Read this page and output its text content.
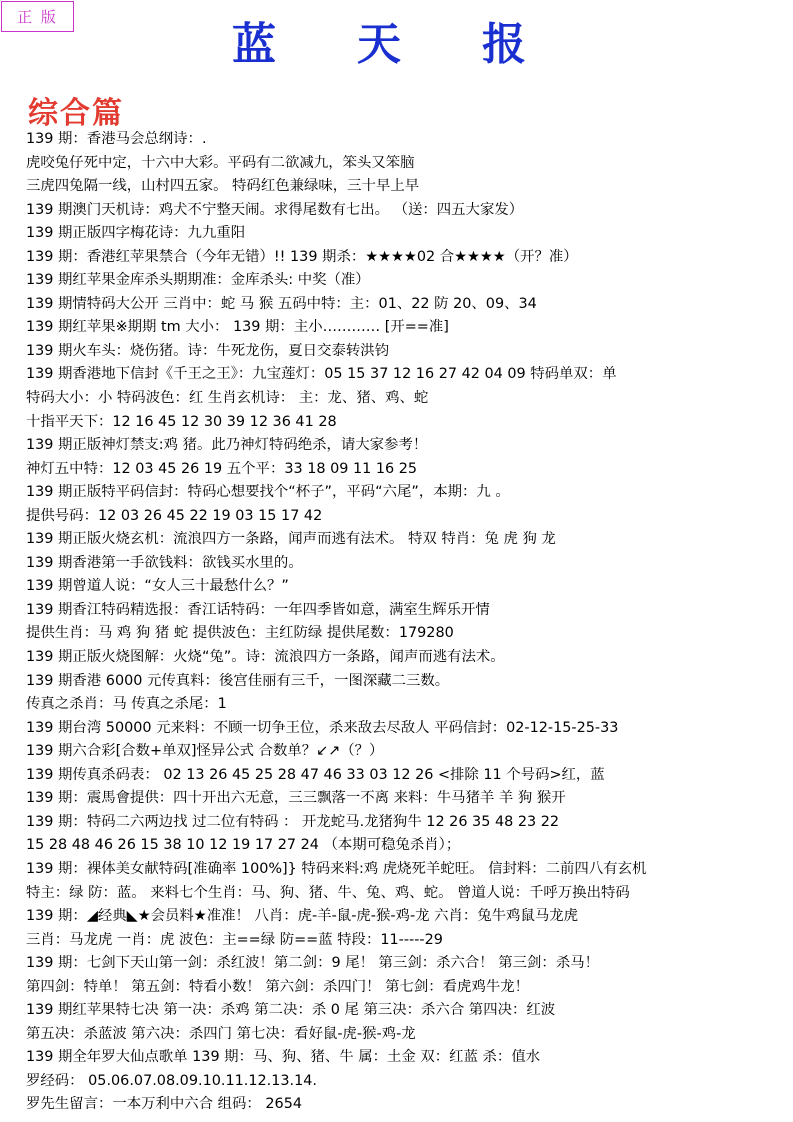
正 版
蓝 天 报
综合篇
139 期：香港马会总纲诗：.
虎咬兔仔死中定，十六中大彩。平码有二欲减九，笨头又笨脑
三虎四兔隔一线，山村四五家。 特码红色兼绿味，三十早上早
139 期澳门天机诗：鸡犬不宁整天闹。求得尾数有七出。 （送：四五大家发）
139 期正版四字梅花诗：九九重阳
139 期：香港红苹果禁合（今年无错）!! 139 期杀：★★★★02 合★★★★（开？准）
139 期红苹果金库杀头期期准：金库杀头: 中奖（准）
139 期情特码大公开 三肖中：蛇 马 猴 五码中特：主：01、22 防 20、09、34
139 期红苹果※期期 tm 大小： 139 期：主小………… [开==准]
139 期火车头：烧伤猪。诗：牛死龙伤，夏日交泰转洪钧
139 期香港地下信封《千王之王》：九宝莲灯：05 15 37 12 16 27 42 04 09 特码单双：单
特码大小：小 特码波色：红 生肖玄机诗： 主：龙、猪、鸡、蛇
十指平天下：12 16 45 12 30 39 12 36 41 28
139 期正版神灯禁支:鸡 猪。此乃神灯特码绝杀，请大家参考！
神灯五中特：12 03 45 26 19 五个平：33 18 09 11 16 25
139 期正版特平码信封：特码心想要找个“杯子”，平码“六尾”，本期：九 。
提供号码：12 03 26 45 22 19 03 15 17 42
139 期正版火烧玄机：流浪四方一条路，闻声而逃有法术。 特双 特肖：兔 虎 狗 龙
139 期香港第一手欲钱料：欲钱买水里的。
139 期曾道人说：“女人三十最愁什么？”
139 期香江特码精选报：香江话特码：一年四季皆如意，满室生辉乐开情
提供生肖：马 鸡 狗 猪 蛇 提供波色：主红防绿 提供尾数：179280
139 期正版火烧图解：火烧“兔”。诗：流浪四方一条路，闻声而逃有法术。
139 期香港 6000 元传真料：後宫佳丽有三千，一图深藏二三数。
传真之杀肖：马 传真之杀尾：1
139 期台湾 50000 元来料：不顾一切争王位，杀来敌去尽敌人 平码信封：02-12-15-25-33
139 期六合彩[合数+单双]怪异公式 合数单？↙↗（？）
139 期传真杀码表： 02 13 26 45 25 28 47 46 33 03 12 26 <排除 11 个号码>红，蓝
139 期：震馬會提供：四十开出六无意，三三飘落一不离 来料：牛马猪羊 羊 狗 猴开
139 期：特码二六两边找 过二位有特码 ： 开龙蛇马.龙猪狗牛 12 26 35 48 23 22
15 28 48 46 26 15 38 10 12 19 17 27 24 （本期可稳兔杀肖）；
139 期：裸体美女献特码[准确率 100%]} 特码来料:鸡 虎烧死羊蛇旺。 信封料：二前四八有玄机
特主：绿 防：蓝。 来料七个生肖：马、狗、猪、牛、兔、鸡、蛇。 曾道人说：千呼万换出特码
139 期：◢经典◣★会员料★准准！ 八肖：虎-羊-鼠-虎-猴-鸡-龙 六肖：兔牛鸡鼠马龙虎
三肖：马龙虎 一肖：虎 波色：主==绿 防==蓝 特段：11-----29
139 期：七剑下天山第一剑：杀红波！第二剑：9 尾！ 第三剑：杀六合！ 第三剑：杀马！
第四剑：特单！ 第五剑：特看小数！ 第六剑：杀四门！ 第七剑：看虎鸡牛龙！
139 期红苹果特七决 第一决：杀鸡 第二决：杀 0 尾 第三决：杀六合 第四决：红波
第五决：杀蓝波 第六决：杀四门 第七决：看好鼠-虎-猴-鸡-龙
139 期全年罗大仙点歌单 139 期：马、狗、猪、牛 属：土金 双：红蓝 杀：值水
罗经码： 05.06.07.08.09.10.11.12.13.14.
罗先生留言：一本万利中六合 组码： 2654
